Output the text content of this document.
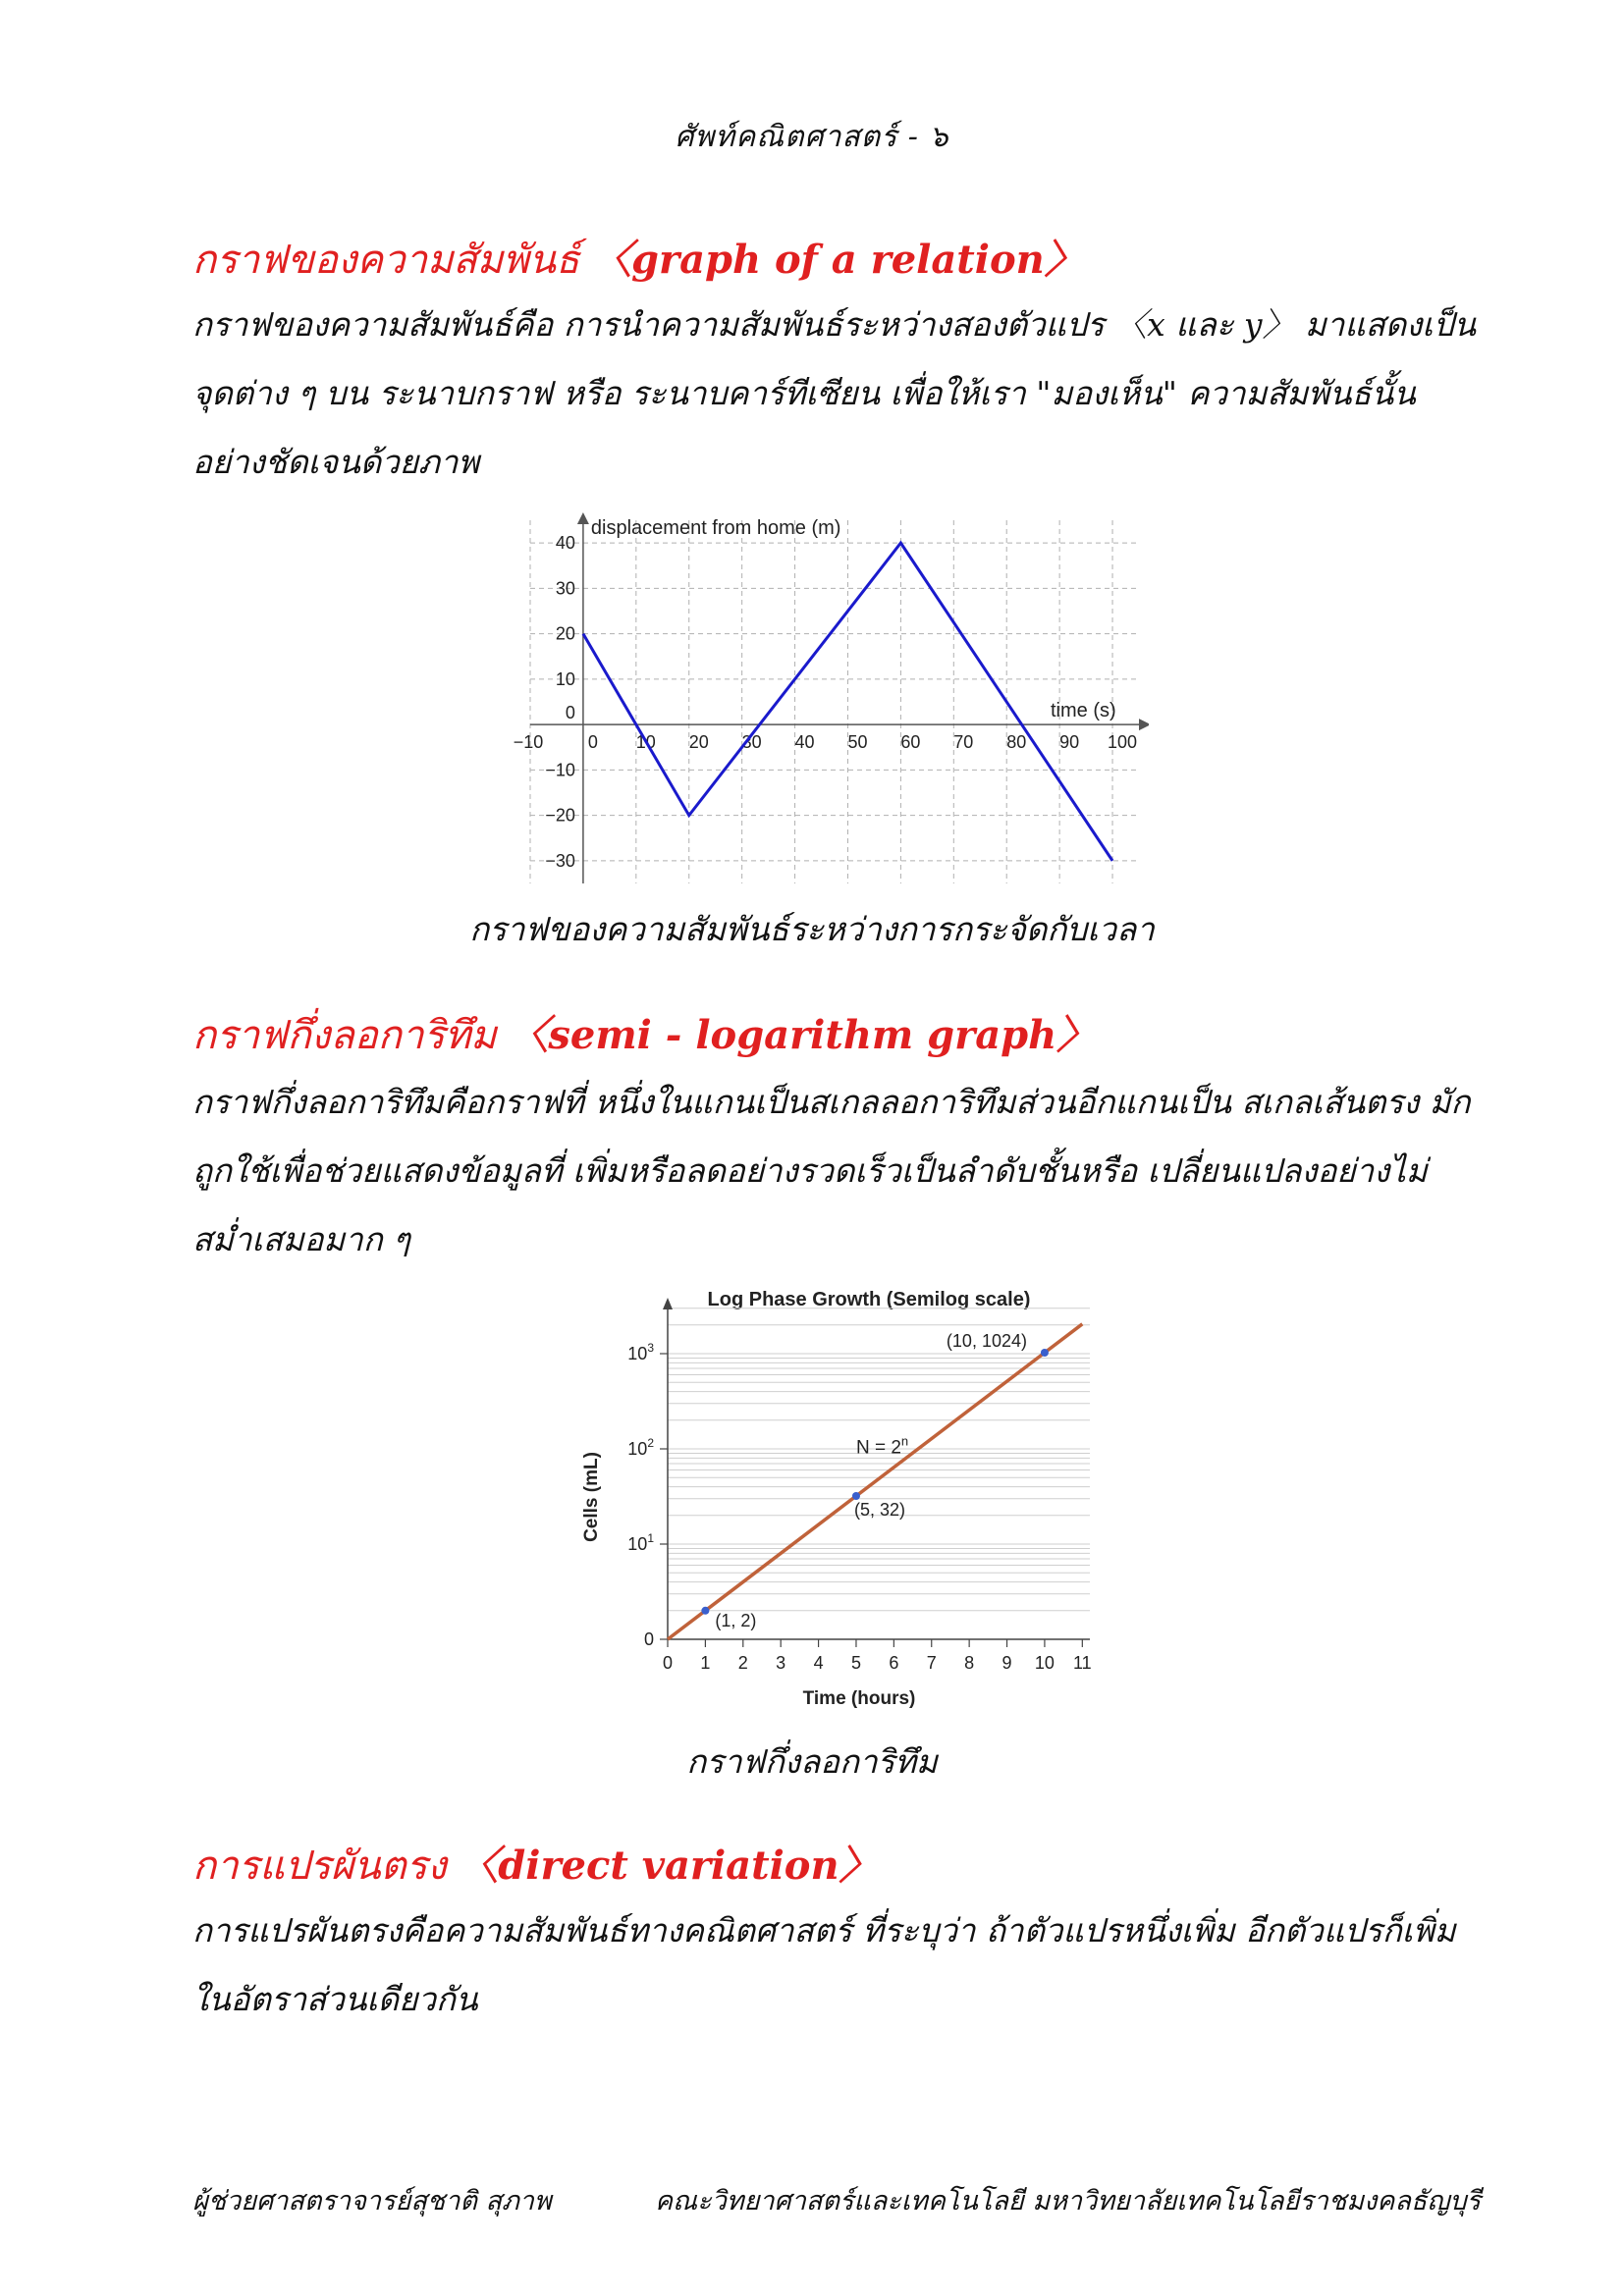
ศัพท์คณิตศาสตร์ - ๖
กราฟของความสัมพันธ์ 〈graph of a relation〉
กราฟของความสัมพันธ์คือ การนำความสัมพันธ์ระหว่างสองตัวแปร 〈x และ y〉 มาแสดงเป็นจุดต่าง ๆ บน ระนาบกราฟ หรือ ระนาบคาร์ทีเซียน เพื่อให้เรา "มองเห็น" ความสัมพันธ์นั้นอย่างชัดเจนด้วยภาพ
−10	0 10 20 30 40 50 60 70 80 90 100
40
30
20
10
0
−10
−20
−30
displacement from home (m)
time (s)
กราฟของความสัมพันธ์ระหว่างการกระจัดกับเวลา
กราฟกึ่งลอการิทึม 〈semi - logarithm graph〉
กราฟกึ่งลอการิทึมคือกราฟที่ หนึ่งในแกนเป็นสเกลลอการิทึมส่วนอีกแกนเป็น สเกลเส้นตรง มักถูกใช้เพื่อช่วยแสดงข้อมูลที่ เพิ่มหรือลดอย่างรวดเร็วเป็นลำดับชั้นหรือ เปลี่ยนแปลงอย่างไม่สม่ำเสมอมาก ๆ
Log Phase Growth (Semilog scale)
0 1 2 3 4 5 6 7 8 9 10 11
0
$10^1$
$10^2$
$10^3$
(1, 2)
(5, 32)
(10, 1024)
$N = 2^n$
Time (hours)
Cells (mL)
กราฟกึ่งลอการิทึม
การแปรผันตรง 〈direct variation〉
การแปรผันตรงคือความสัมพันธ์ทางคณิตศาสตร์ ที่ระบุว่า ถ้าตัวแปรหนึ่งเพิ่ม อีกตัวแปรก็เพิ่มในอัตราส่วนเดียวกัน
ผู้ช่วยศาสตราจารย์สุชาติ สุภาพ	คณะวิทยาศาสตร์และเทคโนโลยี มหาวิทยาลัยเทคโนโลยีราชมงคลธัญบุรี
